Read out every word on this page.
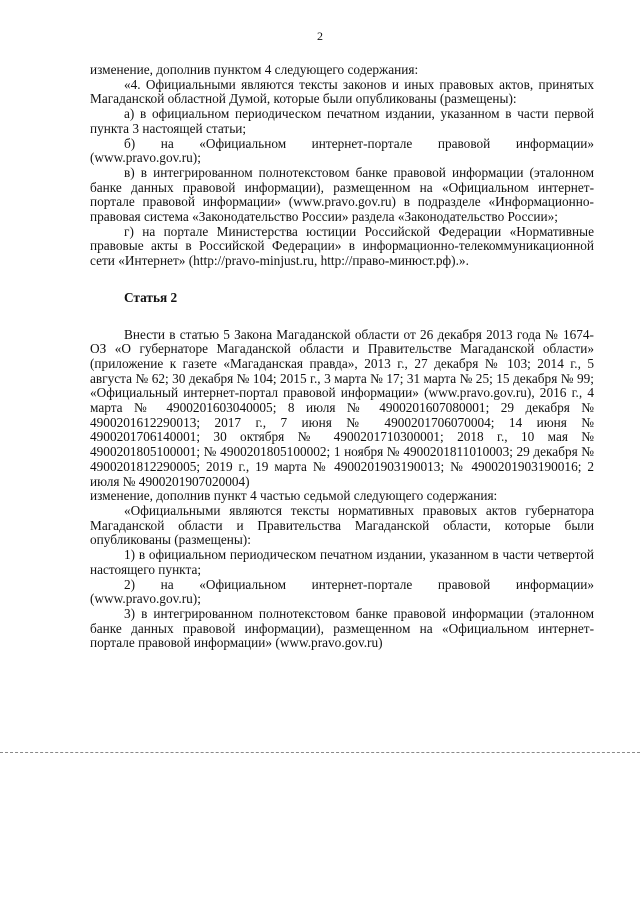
2

изменение, дополнив пунктом 4 следующего содержания:

«4. Официальными являются тексты законов и иных правовых актов, принятых Магаданской областной Думой, которые были опубликованы (размещены):

а) в официальном периодическом печатном издании, указанном в части первой пункта 3 настоящей статьи;

б) на «Официальном интернет-портале правовой информации» (www.pravo.gov.ru);

в) в интегрированном полнотекстовом банке правовой информации (эталонном банке данных правовой информации), размещенном на «Официальном интернет-портале правовой информации» (www.pravo.gov.ru) в подразделе «Информационно-правовая система «Законодательство России» раздела «Законодательство России»;

г) на портале Министерства юстиции Российской Федерации «Нормативные правовые акты в Российской Федерации» в информационно-телекоммуникационной сети «Интернет» (http://pravo-minjust.ru, http://право-минюст.рф).».

Статья 2

Внести в статью 5 Закона Магаданской области от 26 декабря 2013 года № 1674-ОЗ «О губернаторе Магаданской области и Правительстве Магаданской области» (приложение к газете «Магаданская правда», 2013 г., 27 декабря № 103; 2014 г., 5 августа № 62; 30 декабря № 104; 2015 г., 3 марта № 17; 31 марта № 25; 15 декабря № 99; «Официальный интернет-портал правовой информации» (www.pravo.gov.ru), 2016 г., 4 марта № 4900201603040005; 8 июля № 4900201607080001; 29 декабря № 4900201612290013; 2017 г., 7 июня № 4900201706070004; 14 июня № 4900201706140001; 30 октября № 4900201710300001; 2018 г., 10 мая № 4900201805100001; № 4900201805100002; 1 ноября № 4900201811010003; 29 декабря № 4900201812290005; 2019 г., 19 марта № 4900201903190013; № 4900201903190016; 2 июля № 4900201907020004)

изменение, дополнив пункт 4 частью седьмой следующего содержания:

«Официальными являются тексты нормативных правовых актов губернатора Магаданской области и Правительства Магаданской области, которые были опубликованы (размещены):

1) в официальном периодическом печатном издании, указанном в части четвертой настоящего пункта;

2) на «Официальном интернет-портале правовой информации» (www.pravo.gov.ru);

3) в интегрированном полнотекстовом банке правовой информации (эталонном банке данных правовой информации), размещенном на «Официальном интернет-портале правовой информации» (www.pravo.gov.ru)
